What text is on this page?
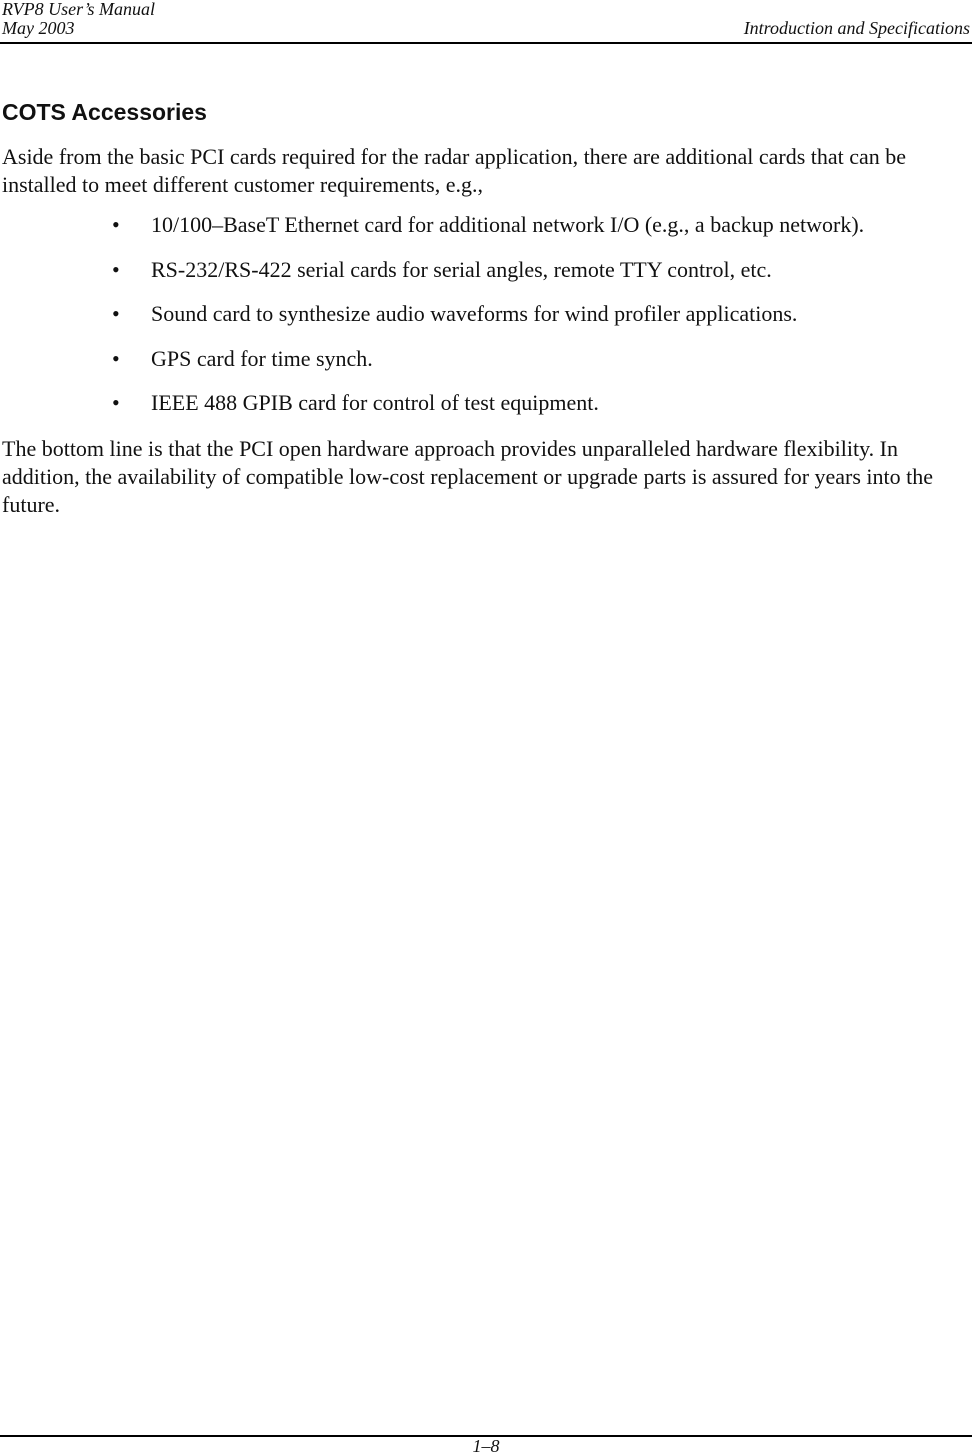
RVP8 User’s Manual
May 2003	Introduction and Specifications
COTS Accessories

Aside from the basic PCI cards required for the radar application, there are additional cards that can be installed to meet different customer requirements, e.g.,

• 10/100–BaseT Ethernet card for additional network I/O (e.g., a backup network).
• RS-232/RS-422 serial cards for serial angles, remote TTY control, etc.
• Sound card to synthesize audio waveforms for wind profiler applications.
• GPS card for time synch.
• IEEE 488 GPIB card for control of test equipment.

The bottom line is that the PCI open hardware approach provides unparalleled hardware flexibility. In addition, the availability of compatible low-cost replacement or upgrade parts is assured for years into the future.

1–8
